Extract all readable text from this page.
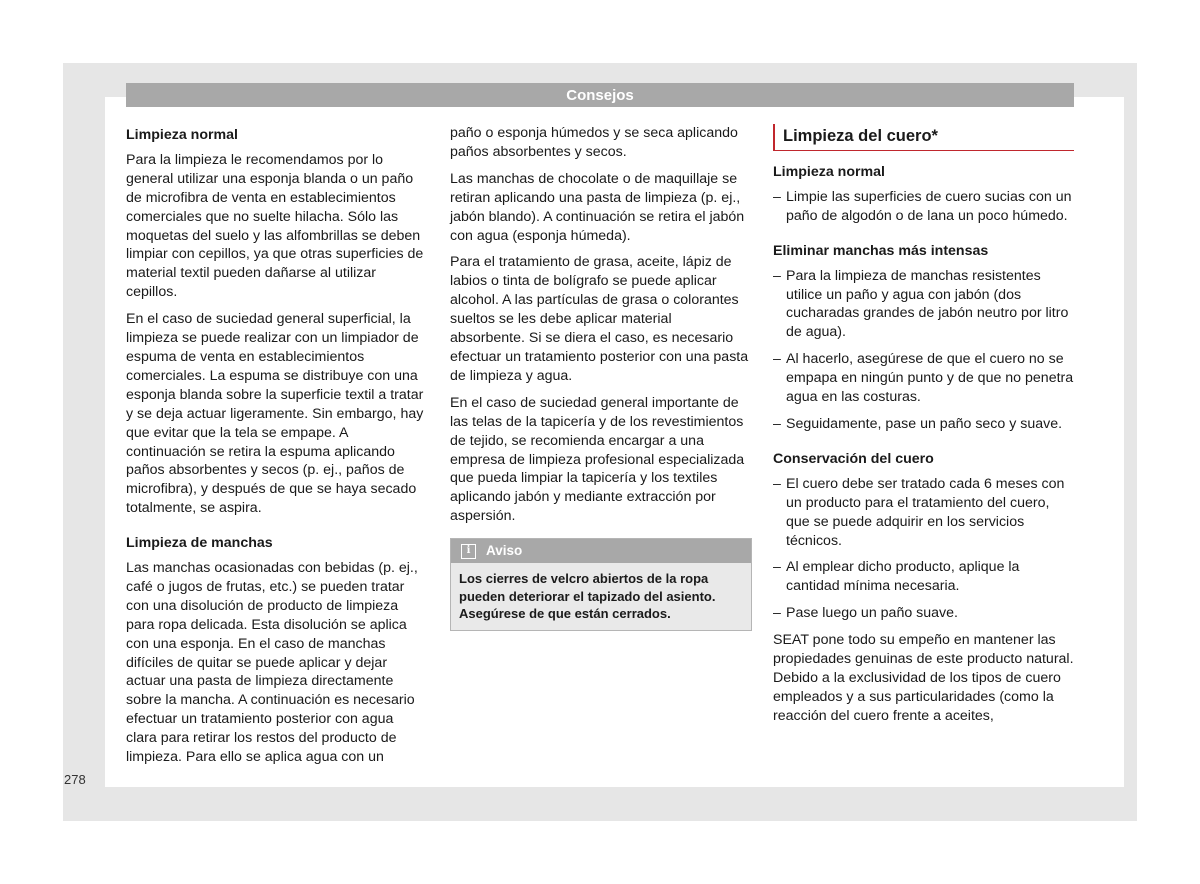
Consejos
Limpieza normal

Para la limpieza le recomendamos por lo general utilizar una esponja blanda o un paño de microfibra de venta en establecimientos comerciales que no suelte hilacha. Sólo las moquetas del suelo y las alfombrillas se deben limpiar con cepillos, ya que otras superficies de material textil pueden dañarse al utilizar cepillos.

En el caso de suciedad general superficial, la limpieza se puede realizar con un limpiador de espuma de venta en establecimientos comerciales. La espuma se distribuye con una esponja blanda sobre la superficie textil a tratar y se deja actuar ligeramente. Sin embargo, hay que evitar que la tela se empape. A continuación se retira la espuma aplicando paños absorbentes y secos (p. ej., paños de microfibra), y después de que se haya secado totalmente, se aspira.

Limpieza de manchas

Las manchas ocasionadas con bebidas (p. ej., café o jugos de frutas, etc.) se pueden tratar con una disolución de producto de limpieza para ropa delicada. Esta disolución se aplica con una esponja. En el caso de manchas difíciles de quitar se puede aplicar y dejar actuar una pasta de limpieza directamente sobre la mancha. A continuación es necesario efectuar un tratamiento posterior con agua clara para retirar los restos del producto de limpieza. Para ello se aplica agua con un

paño o esponja húmedos y se seca aplicando paños absorbentes y secos.

Las manchas de chocolate o de maquillaje se retiran aplicando una pasta de limpieza (p. ej., jabón blando). A continuación se retira el jabón con agua (esponja húmeda).

Para el tratamiento de grasa, aceite, lápiz de labios o tinta de bolígrafo se puede aplicar alcohol. A las partículas de grasa o colorantes sueltos se les debe aplicar material absorbente. Si se diera el caso, es necesario efectuar un tratamiento posterior con una pasta de limpieza y agua.

En el caso de suciedad general importante de las telas de la tapicería y de los revestimientos de tejido, se recomienda encargar a una empresa de limpieza profesional especializada que pueda limpiar la tapicería y los textiles aplicando jabón y mediante extracción por aspersión.

i	Aviso
Los cierres de velcro abiertos de la ropa pueden deteriorar el tapizado del asiento. Asegúrese de que están cerrados.
Limpieza del cuero*
Limpieza normal
– Limpie las superficies de cuero sucias con un paño de algodón o de lana un poco húmedo.
Eliminar manchas más intensas
– Para la limpieza de manchas resistentes utilice un paño y agua con jabón (dos cucharadas grandes de jabón neutro por litro de agua).
– Al hacerlo, asegúrese de que el cuero no se empapa en ningún punto y de que no penetra agua en las costuras.
– Seguidamente, pase un paño seco y suave.
Conservación del cuero
– El cuero debe ser tratado cada 6 meses con un producto para el tratamiento del cuero, que se puede adquirir en los servicios técnicos.
– Al emplear dicho producto, aplique la cantidad mínima necesaria.
– Pase luego un paño suave.

SEAT pone todo su empeño en mantener las propiedades genuinas de este producto natural. Debido a la exclusividad de los tipos de cuero empleados y a sus particularidades (como la reacción del cuero frente a aceites,

278
